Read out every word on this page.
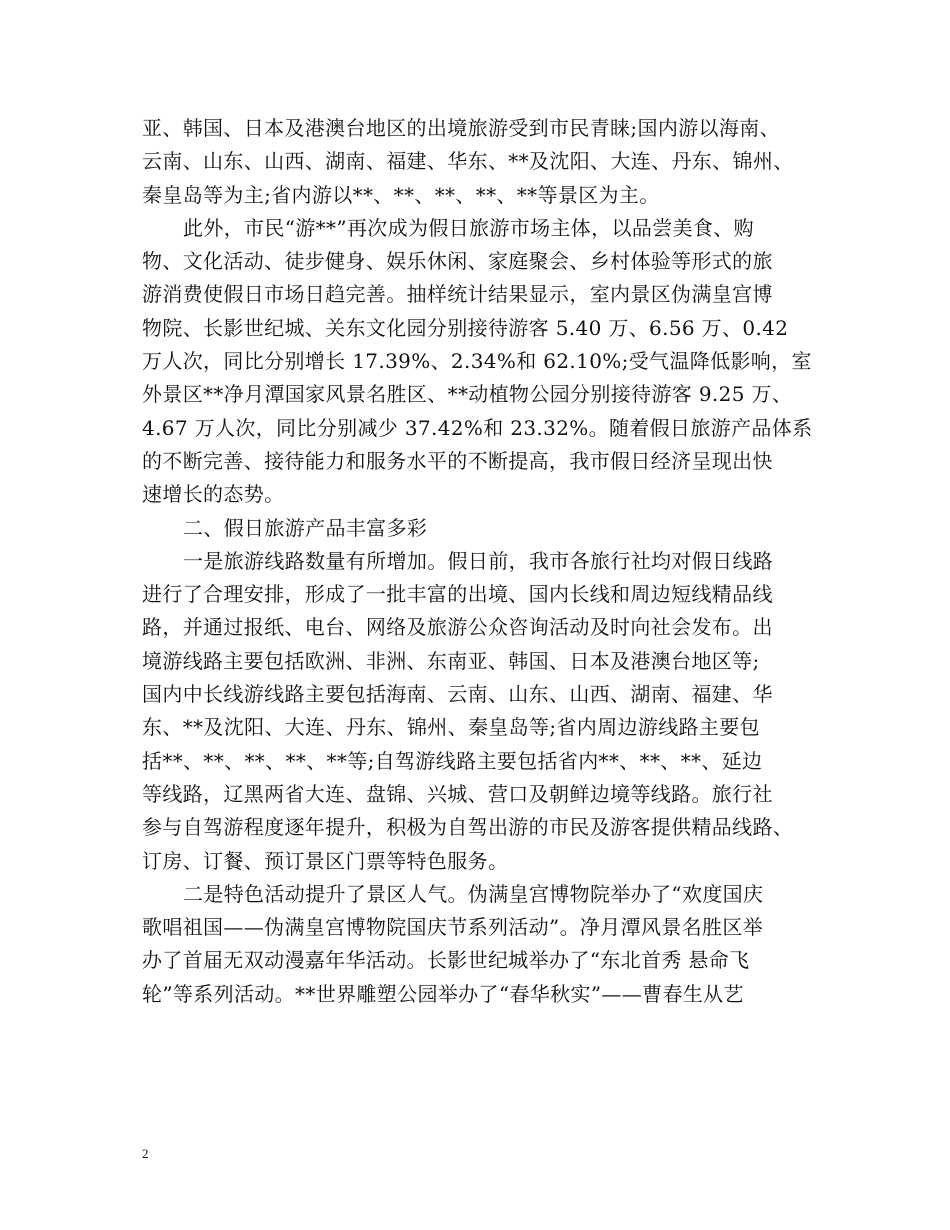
亚、韩国、日本及港澳台地区的出境旅游受到市民青睐;国内游以海南、
云南、山东、山西、湖南、福建、华东、**及沈阳、大连、丹东、锦州、
秦皇岛等为主;省内游以**、**、**、**、**等景区为主。
此外，市民“游**”再次成为假日旅游市场主体，以品尝美食、购
物、文化活动、徒步健身、娱乐休闲、家庭聚会、乡村体验等形式的旅
游消费使假日市场日趋完善。抽样统计结果显示，室内景区伪满皇宫博
物院、长影世纪城、关东文化园分别接待游客 5.40 万、6.56 万、0.42
万人次，同比分别增长 17.39%、2.34%和 62.10%;受气温降低影响，室
外景区**净月潭国家风景名胜区、**动植物公园分别接待游客 9.25 万、
4.67 万人次，同比分别减少 37.42%和 23.32%。随着假日旅游产品体系
的不断完善、接待能力和服务水平的不断提高，我市假日经济呈现出快
速增长的态势。
二、假日旅游产品丰富多彩
一是旅游线路数量有所增加。假日前，我市各旅行社均对假日线路
进行了合理安排，形成了一批丰富的出境、国内长线和周边短线精品线
路，并通过报纸、电台、网络及旅游公众咨询活动及时向社会发布。出
境游线路主要包括欧洲、非洲、东南亚、韩国、日本及港澳台地区等;
国内中长线游线路主要包括海南、云南、山东、山西、湖南、福建、华
东、**及沈阳、大连、丹东、锦州、秦皇岛等;省内周边游线路主要包
括**、**、**、**、**等;自驾游线路主要包括省内**、**、**、延边
等线路，辽黑两省大连、盘锦、兴城、营口及朝鲜边境等线路。旅行社
参与自驾游程度逐年提升，积极为自驾出游的市民及游客提供精品线路、
订房、订餐、预订景区门票等特色服务。
二是特色活动提升了景区人气。伪满皇宫博物院举办了“欢度国庆
歌唱祖国——伪满皇宫博物院国庆节系列活动”。净月潭风景名胜区举
办了首届无双动漫嘉年华活动。长影世纪城举办了“东北首秀 悬命飞
轮”等系列活动。**世界雕塑公园举办了“春华秋实”——曹春生从艺
2
